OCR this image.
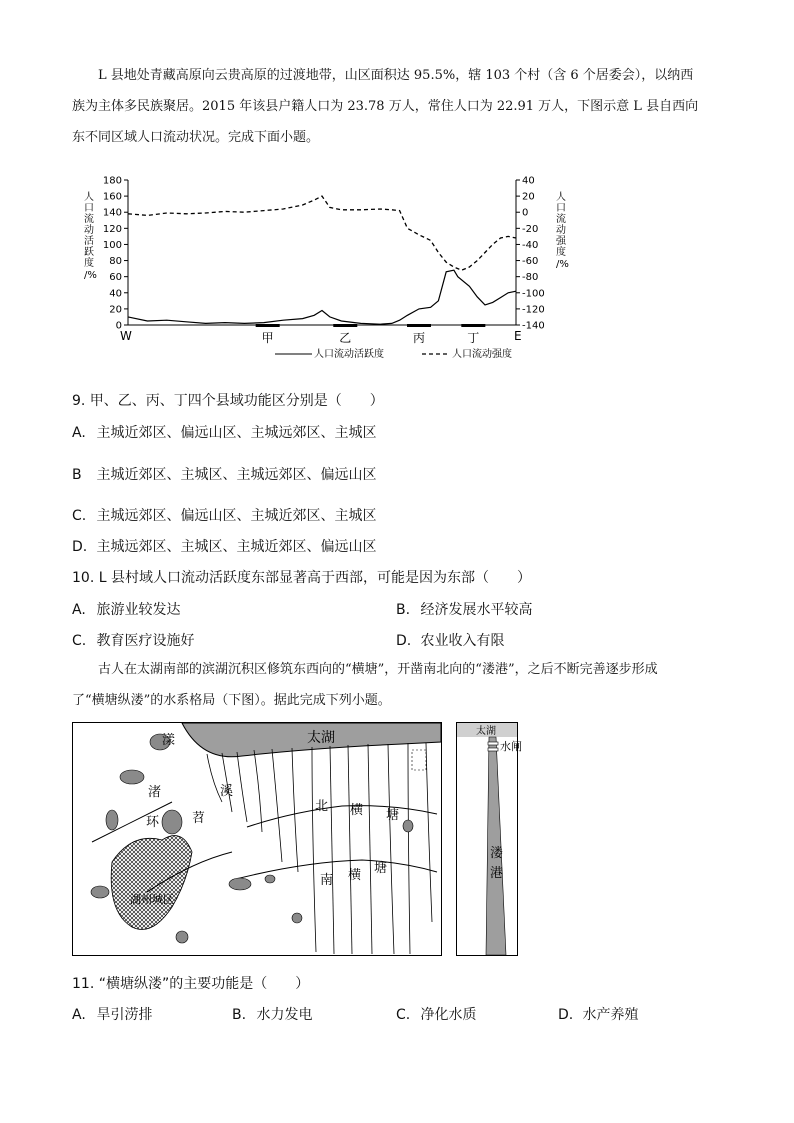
L 县地处青藏高原向云贵高原的过渡地带，山区面积达 95.5%，辖 103 个村（含 6 个居委会），以纳西
族为主体多民族聚居。2015 年该县户籍人口为 23.78 万人，常住人口为 22.91 万人，下图示意 L 县自西向
东不同区域人口流动状况。完成下面小题。
0
20
40
60
80
100
120
140
160
180
人口流动活跃度/%
40
20
0
-20
-40
-60
-80
-100
-120
-140
人口流动强度/%
甲	乙	丙	丁
W	E
人口流动活跃度	人口流动强度
9. 甲、乙、丙、丁四个县域功能区分别是（　　）
A. 主城近郊区、偏远山区、主城远郊区、主城区
B 主城近郊区、主城区、主城远郊区、偏远山区
C. 主城远郊区、偏远山区、主城近郊区、主城区
D. 主城远郊区、主城区、主城近郊区、偏远山区
10. L 县村域人口流动活跃度东部显著高于西部，可能是因为东部（　　）
A. 旅游业较发达	B. 经济发展水平较高
C. 教育医疗设施好	D. 农业收入有限
古人在太湖南部的滨湖沉积区修筑东西向的“横塘”，开凿南北向的“溇港”，之后不断完善逐步形成
了“横塘纵溇”的水系格局（下图）。据此完成下列小题。
太湖
湖州城区
漾
渚
环
溪
苕
北 横 塘
南 横 塘
太湖
水闸
溇
港
11. “横塘纵溇”的主要功能是（　　）
A. 旱引涝排	B. 水力发电	C. 净化水质	D. 水产养殖
